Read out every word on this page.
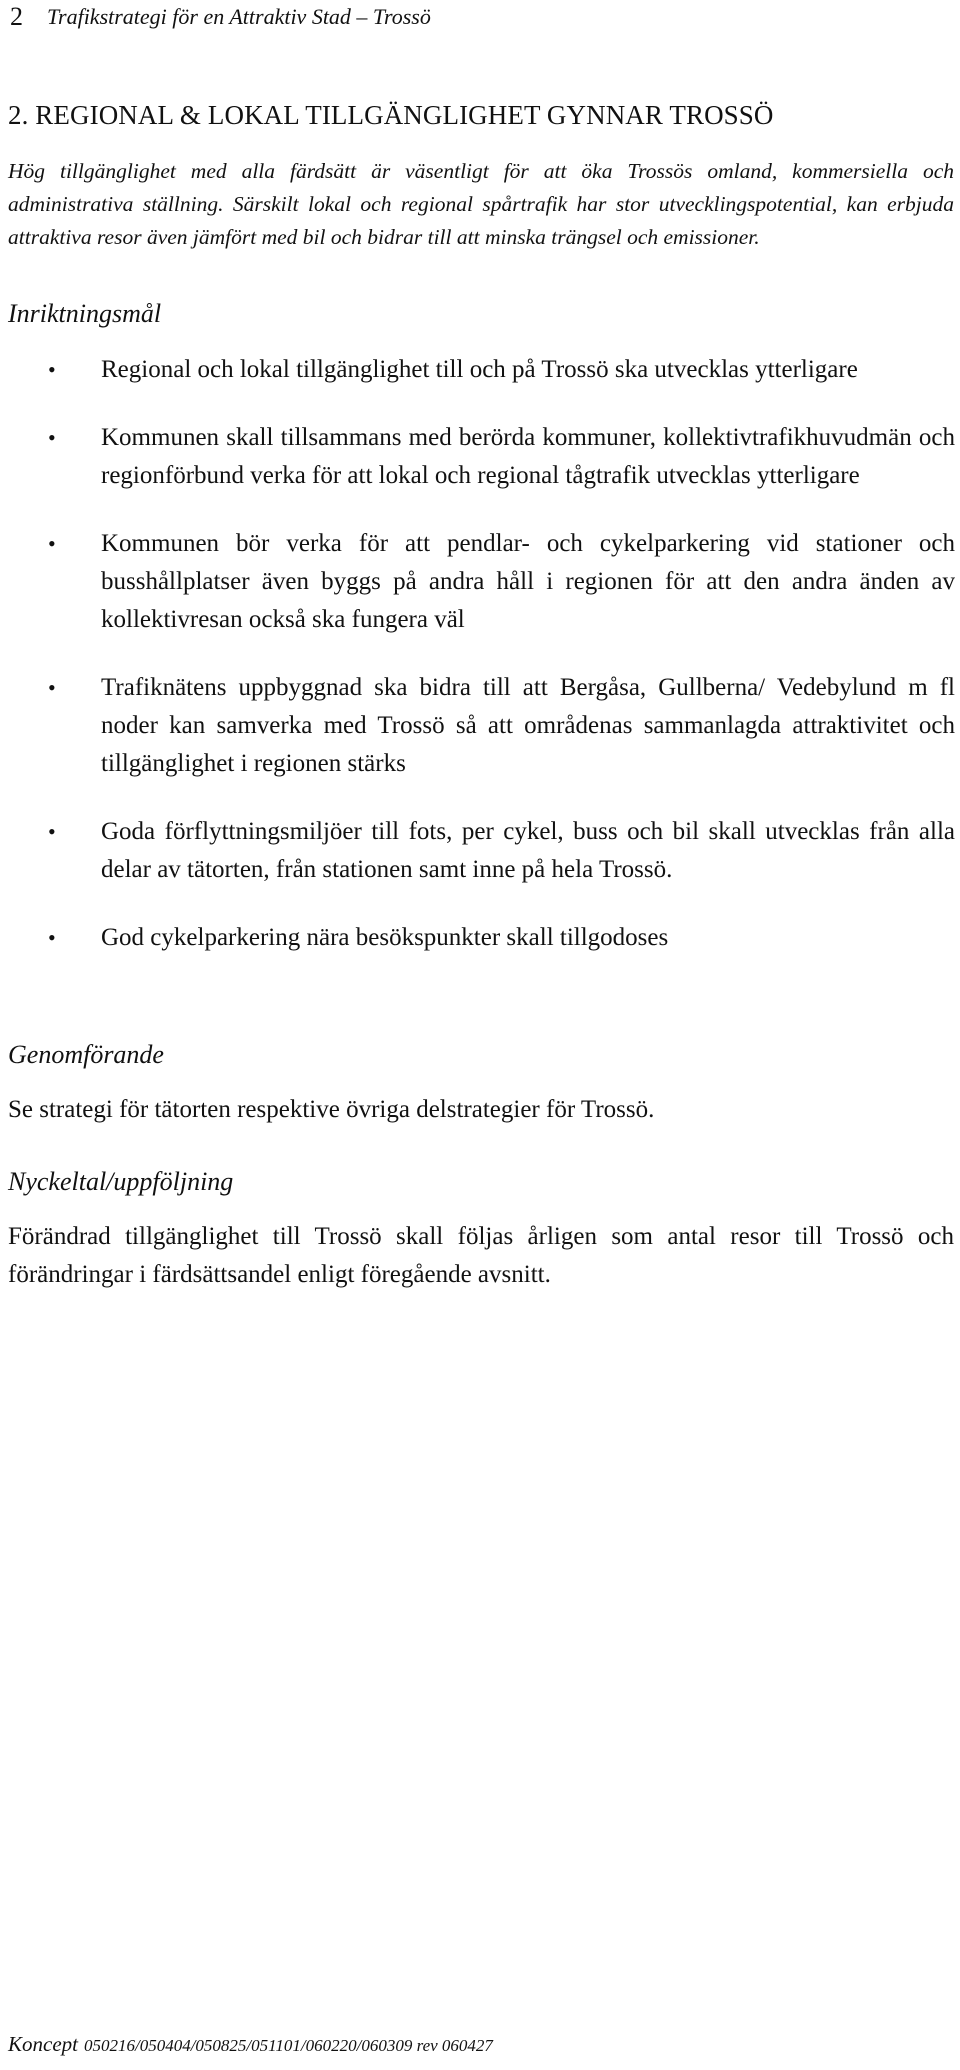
2 Trafikstrategi för en Attraktiv Stad – Trossö
2. REGIONAL & LOKAL TILLGÄNGLIGHET GYNNAR TROSSÖ
Hög tillgänglighet med alla färdsätt är väsentligt för att öka Trossös omland, kommersiella och administrativa ställning. Särskilt lokal och regional spårtrafik har stor utvecklingspotential, kan erbjuda attraktiva resor även jämfört med bil och bidrar till att minska trängsel och emissioner.
Inriktningsmål
• Regional och lokal tillgänglighet till och på Trossö ska utvecklas ytterligare
• Kommunen skall tillsammans med berörda kommuner, kollektivtrafikhuvudmän och regionförbund verka för att lokal och regional tågtrafik utvecklas ytterligare
• Kommunen bör verka för att pendlar- och cykelparkering vid stationer och busshållplatser även byggs på andra håll i regionen för att den andra änden av kollektivresan också ska fungera väl
• Trafiknätens uppbyggnad ska bidra till att Bergåsa, Gullberna/ Vedebylund m fl noder kan samverka med Trossö så att områdenas sammanlagda attraktivitet och tillgänglighet i regionen stärks
• Goda förflyttningsmiljöer till fots, per cykel, buss och bil skall utvecklas från alla delar av tätorten, från stationen samt inne på hela Trossö.
• God cykelparkering nära besökspunkter skall tillgodoses
Genomförande
Se strategi för tätorten respektive övriga delstrategier för Trossö.
Nyckeltal/uppföljning
Förändrad tillgänglighet till Trossö skall följas årligen som antal resor till Trossö och förändringar i färdsättsandel enligt föregående avsnitt.
Koncept 050216/050404/050825/051101/060220/060309 rev 060427
